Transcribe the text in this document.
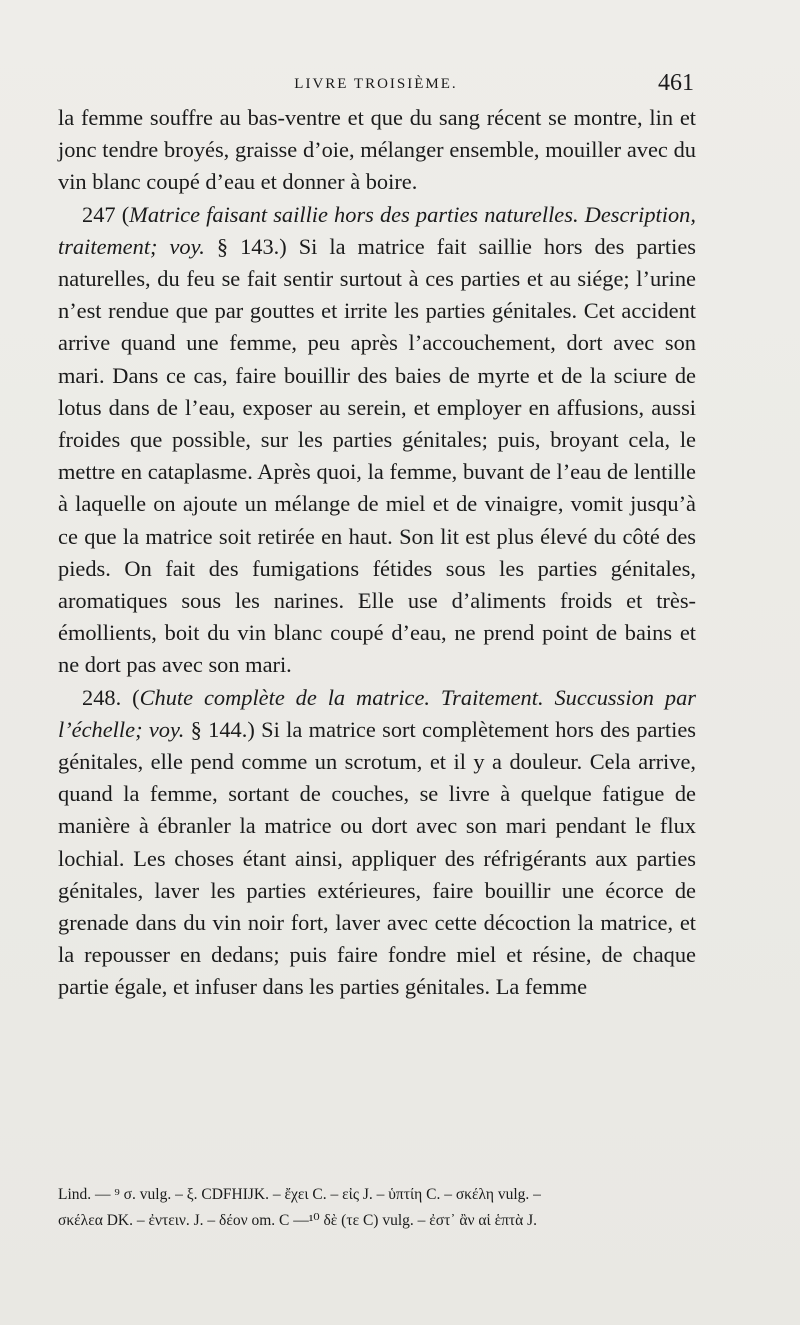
LIVRE TROISIÈME.	461

la femme souffre au bas-ventre et que du sang récent se montre, lin et jonc tendre broyés, graisse d’oie, mélanger ensemble, mouiller avec du vin blanc coupé d’eau et donner à boire.

247 (Matrice faisant saillie hors des parties naturelles. Description, traitement; voy. § 143.) Si la matrice fait saillie hors des parties naturelles, du feu se fait sentir surtout à ces parties et au siége; l’urine n’est rendue que par gouttes et irrite les parties génitales. Cet accident arrive quand une femme, peu après l’accouchement, dort avec son mari. Dans ce cas, faire bouillir des baies de myrte et de la sciure de lotus dans de l’eau, exposer au serein, et employer en affusions, aussi froides que possible, sur les parties génitales; puis, broyant cela, le mettre en cataplasme. Après quoi, la femme, buvant de l’eau de lentille à laquelle on ajoute un mélange de miel et de vinaigre, vomit jusqu’à ce que la matrice soit retirée en haut. Son lit est plus élevé du côté des pieds. On fait des fumigations fétides sous les parties génitales, aromatiques sous les narines. Elle use d’aliments froids et très-émollients, boit du vin blanc coupé d’eau, ne prend point de bains et ne dort pas avec son mari.

248. (Chute complète de la matrice. Traitement. Succussion par l’échelle; voy. § 144.) Si la matrice sort complètement hors des parties génitales, elle pend comme un scrotum, et il y a douleur. Cela arrive, quand la femme, sortant de couches, se livre à quelque fatigue de manière à ébranler la matrice ou dort avec son mari pendant le flux lochial. Les choses étant ainsi, appliquer des réfrigérants aux parties génitales, laver les parties extérieures, faire bouillir une écorce de grenade dans du vin noir fort, laver avec cette décoction la matrice, et la repousser en dedans; puis faire fondre miel et résine, de chaque partie égale, et infuser dans les parties génitales. La femme

Lind. — ⁹ σ. vulg. – ξ. CDFHIJK. – ἔχει C. – εἰς J. – ὑπτίη C. – σκέλη vulg. –

σκέλεα DK. – ἐντειν. J. – δέον om. C —¹⁰ δὲ (τε C) vulg. – ἐστ᾽ ἂν αἱ ἑπτὰ J.
